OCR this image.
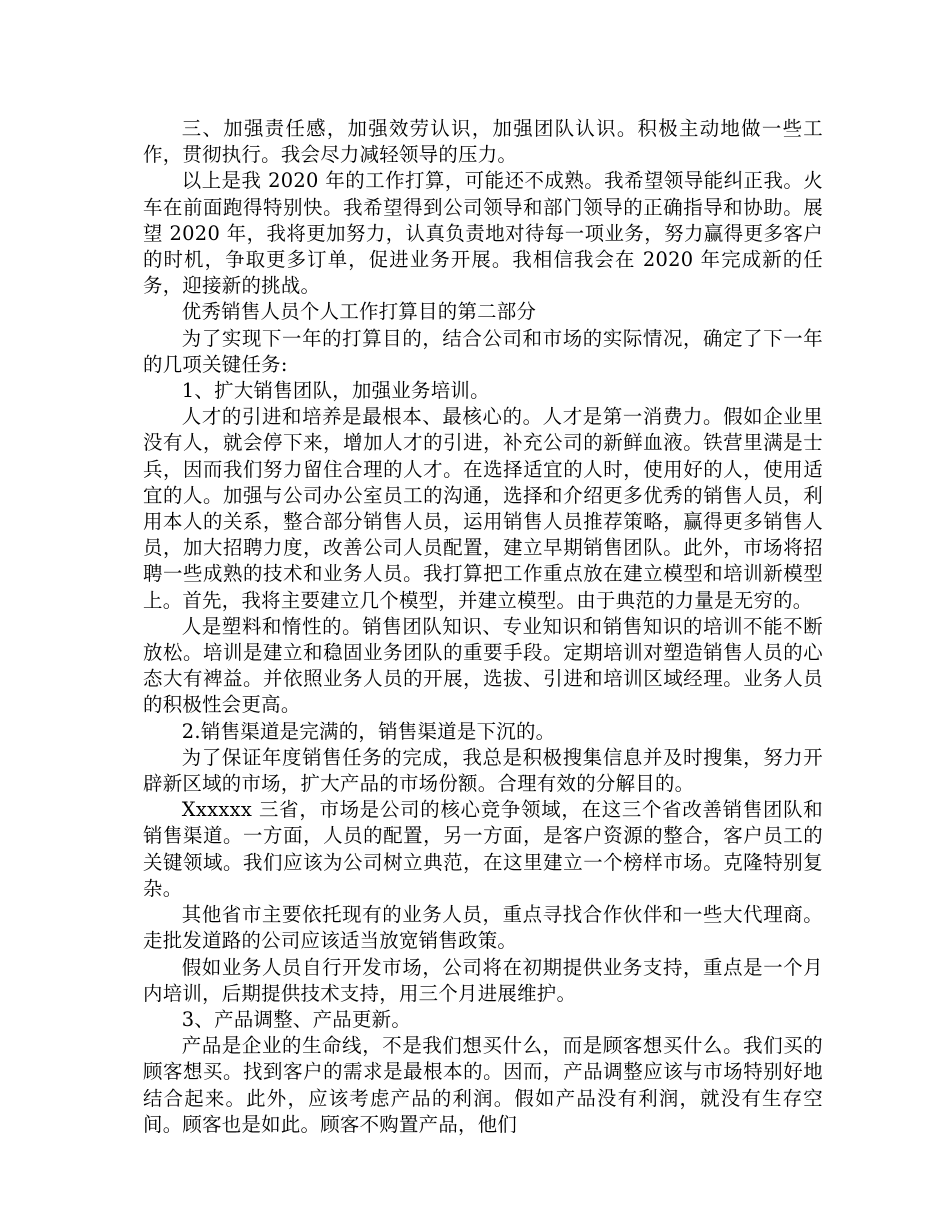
三、加强责任感，加强效劳认识，加强团队认识。积极主动地做一些工作，贯彻执行。我会尽力减轻领导的压力。

以上是我 2020 年的工作打算，可能还不成熟。我希望领导能纠正我。火车在前面跑得特别快。我希望得到公司领导和部门领导的正确指导和协助。展望 2020 年，我将更加努力，认真负责地对待每一项业务，努力赢得更多客户的时机，争取更多订单，促进业务开展。我相信我会在 2020 年完成新的任务，迎接新的挑战。

优秀销售人员个人工作打算目的第二部分

为了实现下一年的打算目的，结合公司和市场的实际情况，确定了下一年的几项关键任务:

1、扩大销售团队，加强业务培训。

人才的引进和培养是最根本、最核心的。人才是第一消费力。假如企业里没有人，就会停下来，增加人才的引进，补充公司的新鲜血液。铁营里满是士兵，因而我们努力留住合理的人才。在选择适宜的人时，使用好的人，使用适宜的人。加强与公司办公室员工的沟通，选择和介绍更多优秀的销售人员，利用本人的关系，整合部分销售人员，运用销售人员推荐策略，赢得更多销售人员，加大招聘力度，改善公司人员配置，建立早期销售团队。此外，市场将招聘一些成熟的技术和业务人员。我打算把工作重点放在建立模型和培训新模型上。首先，我将主要建立几个模型，并建立模型。由于典范的力量是无穷的。

人是塑料和惰性的。销售团队知识、专业知识和销售知识的培训不能不断放松。培训是建立和稳固业务团队的重要手段。定期培训对塑造销售人员的心态大有裨益。并依照业务人员的开展，选拔、引进和培训区域经理。业务人员的积极性会更高。

2.销售渠道是完满的，销售渠道是下沉的。

为了保证年度销售任务的完成，我总是积极搜集信息并及时搜集，努力开辟新区域的市场，扩大产品的市场份额。合理有效的分解目的。

Xxxxxx 三省，市场是公司的核心竞争领域，在这三个省改善销售团队和销售渠道。一方面，人员的配置，另一方面，是客户资源的整合，客户员工的关键领域。我们应该为公司树立典范，在这里建立一个榜样市场。克隆特别复杂。

其他省市主要依托现有的业务人员，重点寻找合作伙伴和一些大代理商。走批发道路的公司应该适当放宽销售政策。

假如业务人员自行开发市场，公司将在初期提供业务支持，重点是一个月内培训，后期提供技术支持，用三个月进展维护。

3、产品调整、产品更新。

产品是企业的生命线，不是我们想买什么，而是顾客想买什么。我们买的顾客想买。找到客户的需求是最根本的。因而，产品调整应该与市场特别好地结合起来。此外，应该考虑产品的利润。假如产品没有利润，就没有生存空间。顾客也是如此。顾客不购置产品，他们
